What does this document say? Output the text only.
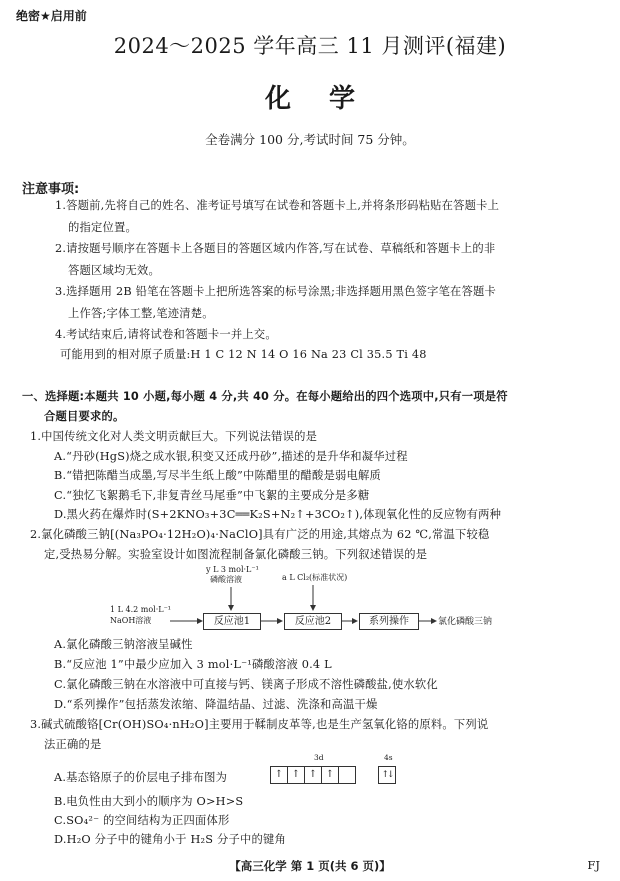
绝密★启用前
2024～2025 学年高三 11 月测评(福建)
化学
全卷满分 100 分,考试时间 75 分钟。
注意事项:
1.答题前,先将自己的姓名、准考证号填写在试卷和答题卡上,并将条形码粘贴在答题卡上
的指定位置。
2.请按题号顺序在答题卡上各题目的答题区域内作答,写在试卷、草稿纸和答题卡上的非
答题区域均无效。
3.选择题用 2B 铅笔在答题卡上把所选答案的标号涂黑;非选择题用黑色签字笔在答题卡
上作答;字体工整,笔迹清楚。
4.考试结束后,请将试卷和答题卡一并上交。
可能用到的相对原子质量:H 1 C 12 N 14 O 16 Na 23 Cl 35.5 Ti 48
一、选择题:本题共 10 小题,每小题 4 分,共 40 分。在每小题给出的四个选项中,只有一项是符
合题目要求的。
1.中国传统文化对人类文明贡献巨大。下列说法错误的是
A.“丹砂(HgS)烧之成水银,积变又还成丹砂”,描述的是升华和凝华过程
B.“错把陈醋当成墨,写尽半生纸上酸”中陈醋里的醋酸是弱电解质
C.“独忆飞絮鹅毛下,非复青丝马尾垂”中飞絮的主要成分是多糖
D.黑火药在爆炸时(S+2KNO₃+3C══K₂S+N₂↑+3CO₂↑),体现氧化性的反应物有两种
2.氯化磷酸三钠[(Na₃PO₄·12H₂O)₄·NaClO]具有广泛的用途,其熔点为 62 ℃,常温下较稳
定,受热易分解。实验室设计如图流程制备氯化磷酸三钠。下列叙述错误的是
y L 3 mol·L⁻¹
磷酸溶液	a L Cl₂(标准状况)
1 L 4.2 mol·L⁻¹
NaOH溶液	反应池1	反应池2	系列操作	氯化磷酸三钠
A.氯化磷酸三钠溶液呈碱性
B.“反应池 1”中最少应加入 3 mol·L⁻¹磷酸溶液 0.4 L
C.氯化磷酸三钠在水溶液中可直接与钙、镁离子形成不溶性磷酸盐,使水软化
D.“系列操作”包括蒸发浓缩、降温结晶、过滤、洗涤和高温干燥
3.碱式硫酸铬[Cr(OH)SO₄·nH₂O]主要用于鞣制皮革等,也是生产氢氧化铬的原料。下列说
法正确的是
A.基态铬原子的价层电子排布图为
3d	4s
↑ ↑ ↑ ↑	↑↓
B.电负性由大到小的顺序为 O>H>S
C.SO₄²⁻ 的空间结构为正四面体形
D.H₂O 分子中的键角小于 H₂S 分子中的键角
【高三化学 第 1 页(共 6 页)】	FJ
